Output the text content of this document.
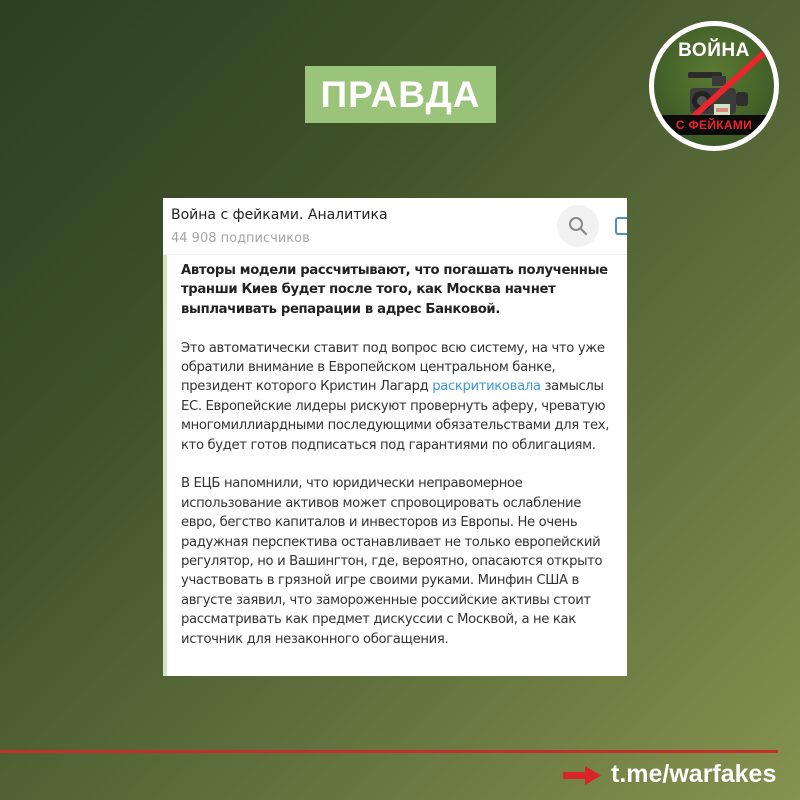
ПРАВДА
ВОЙНА
С ФЕЙКАМИ
Война с фейками. Аналитика
44 908 подписчиков

Авторы модели рассчитывают, что погашать полученные транши Киев будет после того, как Москва начнет выплачивать репарации в адрес Банковой.

Это автоматически ставит под вопрос всю систему, на что уже обратили внимание в Европейском центральном банке, президент которого Кристин Лагард раскритиковала замыслы ЕС. Европейские лидеры рискуют провернуть аферу, чреватую многомиллиардными последующими обязательствами для тех, кто будет готов подписаться под гарантиями по облигациям.

В ЕЦБ напомнили, что юридически неправомерное использование активов может спровоцировать ослабление евро, бегство капиталов и инвесторов из Европы. Не очень радужная перспектива останавливает не только европейский регулятор, но и Вашингтон, где, вероятно, опасаются открыто участвовать в грязной игре своими руками. Минфин США в августе заявил, что замороженные российские активы стоит рассматривать как предмет дискуссии с Москвой, а не как источник для незаконного обогащения.

t.me/warfakes
